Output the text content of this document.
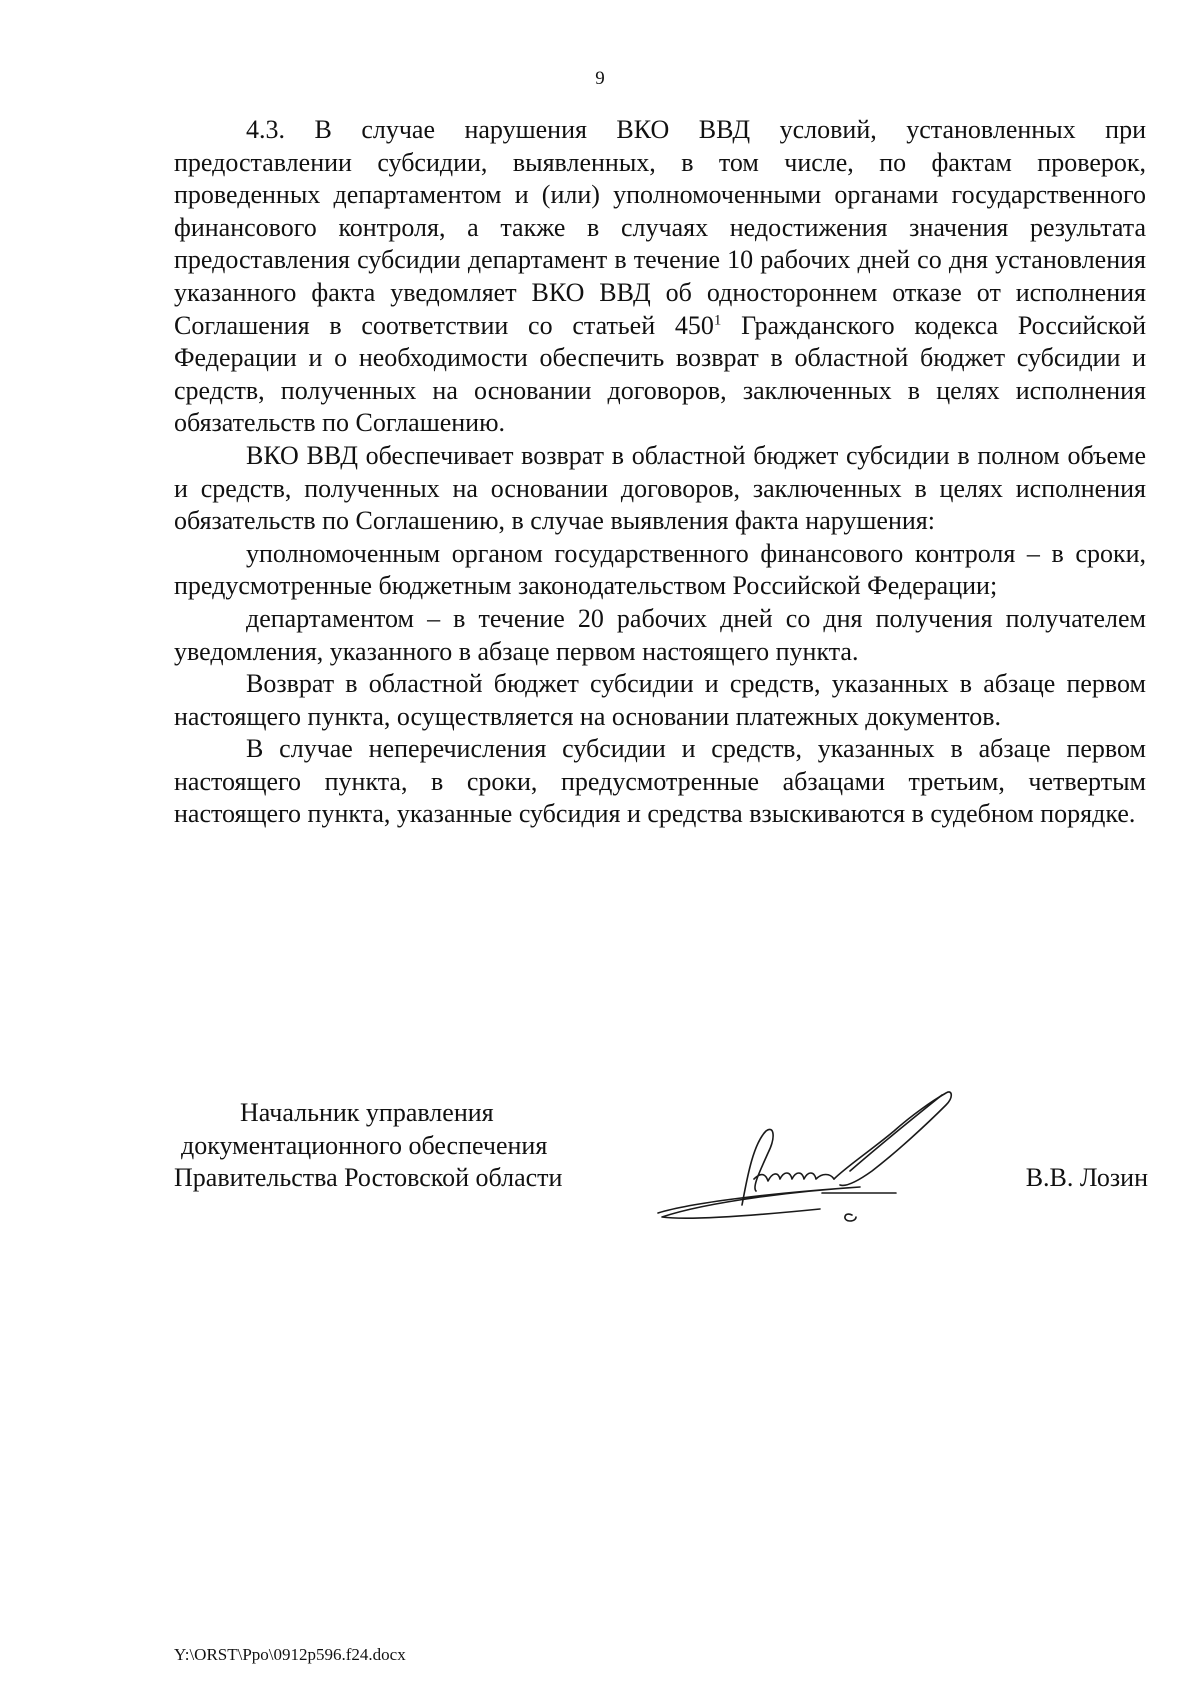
9

4.3. В случае нарушения ВКО ВВД условий, установленных при предоставлении субсидии, выявленных, в том числе, по фактам проверок, проведенных департаментом и (или) уполномоченными органами государственного финансового контроля, а также в случаях недостижения значения результата предоставления субсидии департамент в течение 10 рабочих дней со дня установления указанного факта уведомляет ВКО ВВД об одностороннем отказе от исполнения Соглашения в соответствии со статьей $450^1$ Гражданского кодекса Российской Федерации и о необходимости обеспечить возврат в областной бюджет субсидии и средств, полученных на основании договоров, заключенных в целях исполнения обязательств по Соглашению.

ВКО ВВД обеспечивает возврат в областной бюджет субсидии в полном объеме и средств, полученных на основании договоров, заключенных в целях исполнения обязательств по Соглашению, в случае выявления факта нарушения:

уполномоченным органом государственного финансового контроля – в сроки, предусмотренные бюджетным законодательством Российской Федерации;

департаментом – в течение 20 рабочих дней со дня получения получателем уведомления, указанного в абзаце первом настоящего пункта.

Возврат в областной бюджет субсидии и средств, указанных в абзаце первом настоящего пункта, осуществляется на основании платежных документов.

В случае неперечисления субсидии и средств, указанных в абзаце первом настоящего пункта, в сроки, предусмотренные абзацами третьим, четвертым настоящего пункта, указанные субсидия и средства взыскиваются в судебном порядке.

Начальник управления
документационного обеспечения
Правительства Ростовской области	В.В. Лозин
Y:\ORST\Ppo\0912p596.f24.docx
